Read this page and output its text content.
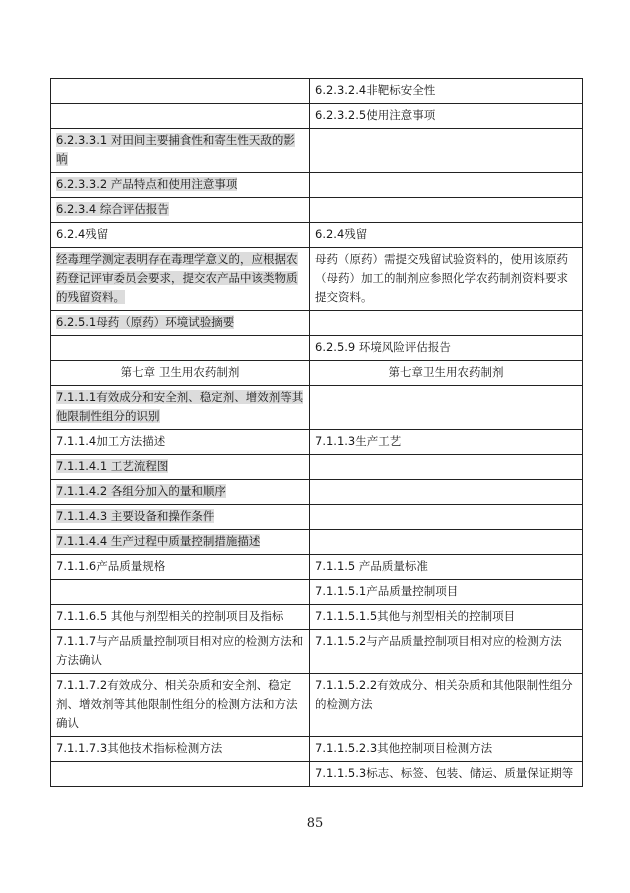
	6.2.3.2.4非靶标安全性
	6.2.3.2.5使用注意事项
6.2.3.3.1 对田间主要捕食性和寄生性天敌的影响	
6.2.3.3.2 产品特点和使用注意事项	
6.2.3.4 综合评估报告	
6.2.4残留	6.2.4残留
经毒理学测定表明存在毒理学意义的，应根据农药登记评审委员会要求，提交农产品中该类物质的残留资料。	母药（原药）需提交残留试验资料的，使用该原药（母药）加工的制剂应参照化学农药制剂资料要求提交资料。
6.2.5.1母药（原药）环境试验摘要	
	6.2.5.9 环境风险评估报告
第七章 卫生用农药制剂	第七章卫生用农药制剂
7.1.1.1有效成分和安全剂、稳定剂、增效剂等其他限制性组分的识别	
7.1.1.4加工方法描述	7.1.1.3生产工艺
7.1.1.4.1 工艺流程图	
7.1.1.4.2 各组分加入的量和顺序	
7.1.1.4.3 主要设备和操作条件	
7.1.1.4.4 生产过程中质量控制措施描述	
7.1.1.6产品质量规格	7.1.1.5 产品质量标准
	7.1.1.5.1产品质量控制项目
7.1.1.6.5 其他与剂型相关的控制项目及指标	7.1.1.5.1.5其他与剂型相关的控制项目
7.1.1.7与产品质量控制项目相对应的检测方法和方法确认	7.1.1.5.2与产品质量控制项目相对应的检测方法
7.1.1.7.2有效成分、相关杂质和安全剂、稳定剂、增效剂等其他限制性组分的检测方法和方法确认	7.1.1.5.2.2有效成分、相关杂质和其他限制性组分的检测方法
7.1.1.7.3其他技术指标检测方法	7.1.1.5.2.3其他控制项目检测方法
	7.1.1.5.3标志、标签、包装、储运、质量保证期等
85
